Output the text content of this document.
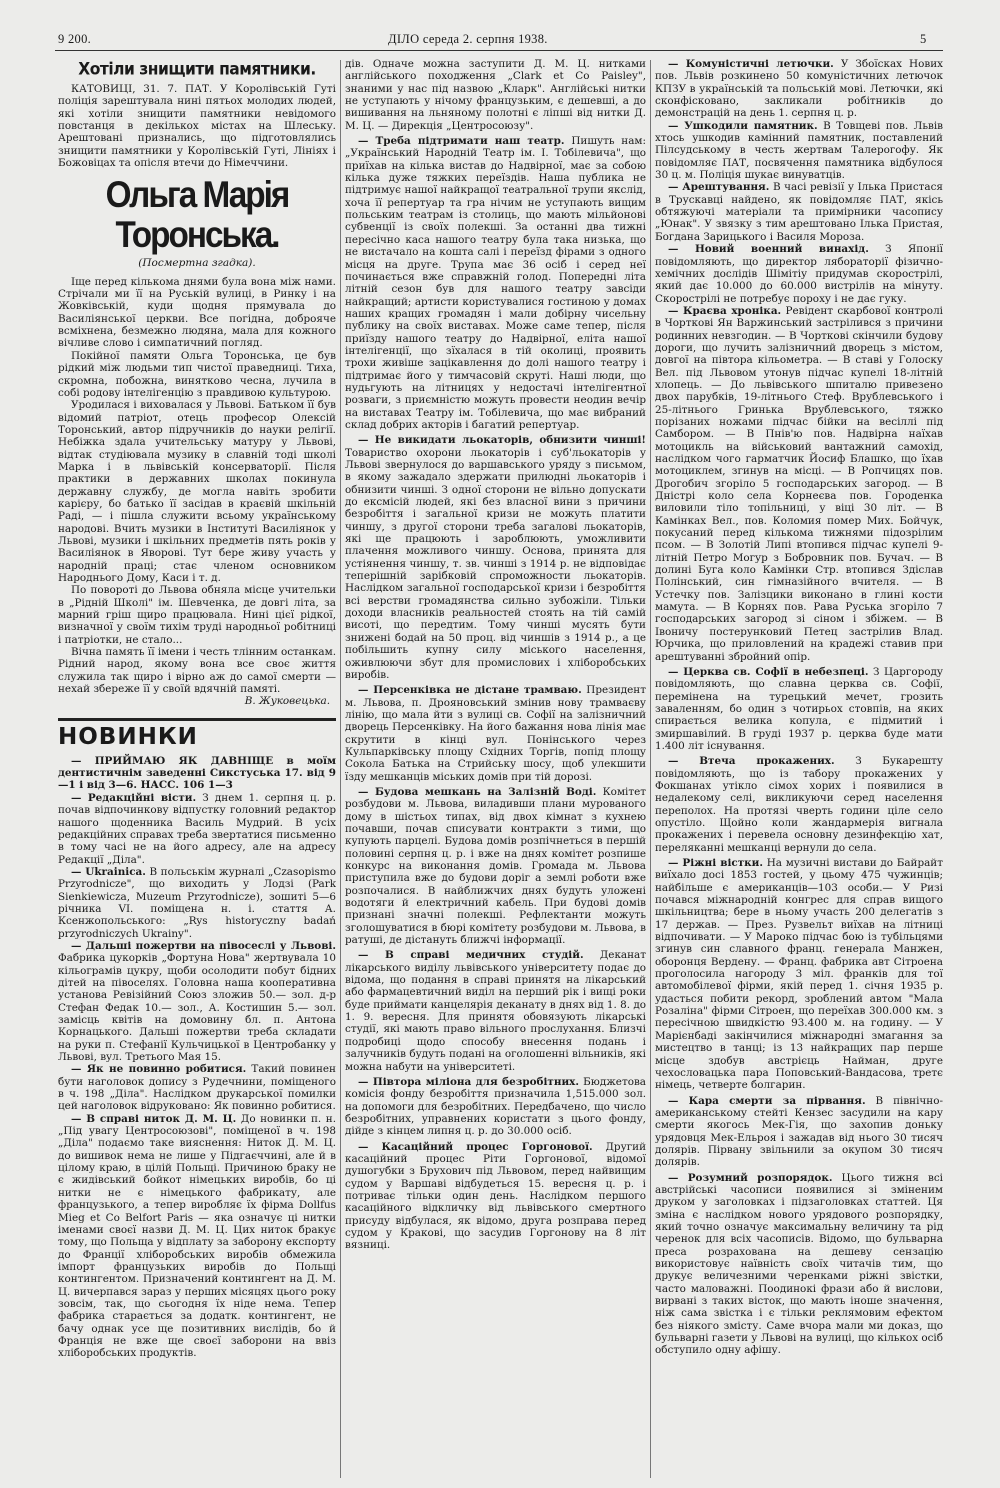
9 200.	ДІЛО середа 2. серпня 1938.	5
Хотіли знищити памятники.

КАТОВИЦІ, 31. 7. ПАТ. У Королівській Гуті поліція зарештувала нині пятьох молодих людей, які хотіли знищити памятники невідомого повстанця в декількох містах на Шлеську. Арештовані признались, що підготовлялись знищити памятники у Королівській Гуті, Лініях і Божовіцах та опісля втечи до Німеччини.

Ольга Марія Торонська.

(Посмертна згадка).

Іще перед кількома днями була вона між нами. Стрічали ми її на Руській вулиці, в Ринку і на Жовківській, куди щодня прямувала до Василіянської церкви. Все погідна, доброяче всміхнена, безмежно людяна, мала для кожного вічливе слово і симпатичний погляд.

Покійної памяти Ольга Торонська, це був рідкий між людьми тип чистої праведниці. Тиха, скромна, побожна, винятково чесна, лучила в собі родову інтелігенцію з правдивою культурою.

Уродилася і виховалася у Львові. Батьком її був відомий патріот, отець професор Олексій Торонський, автор підручників до науки релігії. Небіжка здала учительську матуру у Львові, відтак студіювала музику в славній тоді школі Марка і в львівській консерваторії. Після практики в державних школах покинула державну службу, де могла навіть зробити карієру, бо батько її засідав в краєвій шкільній Раді, — і пішла служити всьому українському народові. Вчить музики в Інституті Василіянок у Львові, музики і шкільних предметів пять років у Василіянок в Яворові. Тут бере живу участь у народній праці; стає членом основником Народнього Дому, Каси і т. д.

По повороті до Львова обняла місце учительки в „Рідній Школі" ім. Шевченка, де довгі літа, за марний гріш щиро працювала. Нині цієї рідкої, визначної у своїм тихім труді народньої робітниці і патріотки, не стало...

Вічна память її імени і честь тлінним останкам. Рідний народ, якому вона все своє життя служила так щиро і вірно аж до самої смерти — нехай збереже її у своїй вдячній памяті.

В. Жуковецька.

НОВИНКИ

— ПРИЙМАЮ ЯК ДАВНІЩЕ в моїм дентистичнім заведенні Сикстуська 17. від 9—1 і від 3—6. НАСС. 106 1—3

— Редакційні вісти. З днем 1. серпня ц. р. почав відпочинкову відпустку головний редактор нашого щоденника Василь Мудрий. В усіх редакційних справах треба звертатися письменно в тому часі не на його адресу, але на адресу Редакції „Діла".

— Ukrainica. В польськім журналі „Czasopismo Przyrodnicze", що виходить у Лодзі (Park Sienkiewicza, Muzeum Przyrodnicze), зошиті 5—6 річника VI. поміщена н. і. стаття А. Ксенжопольського: „Rys historyczny badań przyrodniczych Ukrainy".

— Дальші пожертви на півосеслі у Львові. Фабрика цукорків „Фортуна Нова" жертвувала 10 кільограмів цукру, щоби осолодити побут бідних дітей на півоселях. Головна наша кооперативна установа Ревізійний Союз зложив 50.— зол. д-р Стефан Федак 10.— зол., А. Костишин 5.— зол. замісць квітів на домовину бл. п. Антона Корнацького. Дальші пожертви треба складати на руки п. Стефанії Кульчицької в Центробанку у Львові, вул. Третього Мая 15.

— Як не повинно робитися. Такий повинен бути наголовок допису з Рудечнини, поміщеного в ч. 198 „Діла". Наслідком друкарської помилки цей наголовок відруковано: Як повинно робитися.

— В справі ниток Д. М. Ц. До новинки п. н. „Під увагу Центросоюзові", поміщеної в ч. 198 „Діла" подаємо таке вияснення: Ниток Д. М. Ц. до вишивок нема не лише у Підгаєччині, але й в цілому краю, в цілій Польщі. Причиною браку не є жидівський бойкот німецьких виробів, бо ці нитки не є німецького фабрикату, але французького, а тепер виробляє їх фірма Dollfus Mieg et Co Belfort Paris — яка означує ці нитки іменами своєї назви Д. М. Ц. Цих ниток бракує тому, що Польща у відплату за заборону експорту до Франції хліборобських виробів обмежила імпорт французьких виробів до Польщі контингентом. Призначений контингент на Д. М. Ц. вичерпався зараз у перших місяцях цього року зовсім, так, що сьогодня їх ніде нема. Тепер фабрика старається за додатк. контингент, не бачу однак усе ще позитивних вислідів, бо й Франція не вже ще своєї заборони на ввіз хліборобських продуктів.

дів. Одначе можна заступити Д. М. Ц. нитками англійського походження „Clark et Co Paisley", знаними у нас під назвою „Кларк". Англійські нитки не уступають у нічому французьким, є дешевші, а до вишивання на льняному полотні є ліпші від нитки Д. М. Ц. — Дирекція „Центросоюзу".

— Треба підтримати наш театр. Пишуть нам: „Український Народній Театр ім. І. Тобілевича", що приїхав на кілька вистав до Надвірної, має за собою кілька дуже тяжких переїздів. Наша публика не підтримує нашої найкращої театральної трупи якслід, хоча її репертуар та гра нічим не уступають вищим польським театрам із столиць, що мають мільйонові субвенції із своїх полекші. За останні два тижні пересічно каса нашого театру була така низька, що не вистачало на кошта салі і переїзд фірами з одного місця на друге. Трупа має 36 осіб і серед неї починається вже справжній голод. Попередні літа літній сезон був для нашого театру завсіди найкращий; артисти користувалися гостиною у домах наших кращих громадян і мали добірну чисельну публику на своїх виставах. Може саме тепер, після приїзду нашого театру до Надвірної, еліта нашої інтелігенції, що зїхалася в тій околиці, проявить трохи живіше зацікавлення до долі нашого театру і підтримає його у тимчасовій скруті. Наші люди, що нудьгують на літницях у недостачі інтелігентної розваги, з приємністю можуть провести неодин вечір на виставах Театру ім. Тобілевича, що має вибраний склад добрих акторів і багатий репертуар.

— Не викидати льокаторів, обнизити чинші! Товариство охорони льокаторів і суб'льокаторів у Львові звернулося до варшавського уряду з письмом, в якому зажадало здержати прилюдні льокаторів і обнизити чинші. З одної сторони не вільно допускати до ексмісій людей, які без власної вини з причини безробіття і загальної кризи не можуть платити чиншу, з другої сторони треба загалові льокаторів, які ще працюють і зароблюють, уможливити плачення можливого чиншу. Основа, принята для устіянення чиншу, т. зв. чинші з 1914 р. не відповідає теперішній зарібковій спроможности льокаторів. Наслідком загальної господарської кризи і безробіття всі верстви громадянства сильно зубожіли. Тільки доходи власників реальностей стоять на тій самій висоті, що передтим. Тому чинші мусять бути знижені бодай на 50 проц. від чиншів з 1914 р., а це побільшить купну силу міського населення, оживлюючи збут для промислових і хліборобських виробів.

— Персенківка не дістане трамваю. Президент м. Львова, п. Дрояновський змінив нову трамваєву лінію, що мала йти з вулиці св. Софії на залізничний дворець Персенківку. На його бажання нова лінія має скрутити в кінці вул. Понінського через Кульпарківську площу Східних Торгів, попід площу Сокола Батька на Стрийську шосу, щоб улекшити їзду мешканців міських домів при тій дорозі.

— Будова мешкань на Залізній Воді. Комітет розбудови м. Львова, виладивши плани мурованого дому в шістьох типах, від двох кімнат з кухнею почавши, почав списувати контракти з тими, що купують парцелі. Будова домів розпічнеться в першій половині серпня ц. р. і вже на днях комітет розпише конкурс на виконання домів. Громада м. Львова приступила вже до будови доріг а землі роботи вже розпочалися. В найближчих днях будуть уложені водотяги й електричний кабель. При будові домів признані значні полекші. Рефлектанти можуть зголошуватися в бюрі комітету розбудови м. Львова, в ратуші, де дістануть ближчі інформації.

— В справі медичних студій. Деканат лікарського виділу львівського університету подає до відома, що подання в справі принятя на лікарський або фармацевтичний виділ на перший рік і вищі роки буде приймати канцелярія деканату в днях від 1. 8. до 1. 9. вересня. Для принятя обовязують лікарські студії, які мають право вільного прослухання. Близчі подробиці щодо способу внесення подань і залучників будуть подані на оголошенні вільників, які можна набути на університеті.

— Півтора міліона для безробітних. Бюджетова комісія фонду безробіття призначила 1,515.000 зол. на допомоги для безробітних. Передбачено, що число безробітних, управнених користати з цього фонду, дійде з кінцем липня ц. р. до 30.000 осіб.

— Касаційний процес Горгонової. Другий касаційний процес Ріти Горгонової, відомої душогубки з Брухович під Львовом, перед найвищим судом у Варшаві відбудеться 15. вересня ц. р. і потриває тільки один день. Наслідком першого касаційного відкличку від львівського смертного присуду відбулася, як відомо, друга розправа перед судом у Кракові, що засудив Горгонову на 8 літ вязниці.

— Комуністичні летючки. У Збоїсках Нових пов. Львів розкинено 50 комуністичних летючок КПЗУ в українській та польській мові. Летючки, які сконфісковано, закликали робітників до демонстрацій на день 1. серпня ц. р.

— Ушкодили памятник. В Товщеві пов. Львів хтось ушкодив камінний памятник, поставлений Пілсудському в честь жертвам Талерогофу. Як повідомляє ПАТ, посвячення памятника відбулося 30 ц. м. Поліція шукає винуватців.

— Арештування. В часі ревізії у Ілька Пристася в Трускавці найдено, як повідомляє ПАТ, якісь обтяжуючі матеріали та примірники часопису „Юнак". У звязку з тим арештовано Ілька Пристая, Богдана Зарицького і Василя Мороза.

— Новий военний винахід. З Японії повідомляють, що директор лябораторії фізично-хемічних дослідів Шімітіу придумав скорострілі, який дає 10.000 до 60.000 вистрілів на мінуту. Скорострілі не потребує пороху і не дає гуку.

— Краєва хроніка. Ревідент скарбової контролі в Чорткові Ян Варжинський застрілився з причини родинних невзгодин. — В Чорткові скінчили будову дороги, що лучить залізничний дворець з містом, довгої на півтора кільометра. — В ставі у Голоску Вел. під Львовом утонув підчас купелі 18-літній хлопець. — До львівського шпиталю привезено двох парубків, 19-літнього Стеф. Врублевського і 25-літнього Гринька Врублевського, тяжко порізаних ножами підчас бійки на весіллі під Самбором. — В Пнів'ю пов. Надвірна наїхав мотоцикль на військовий вантажний самохід, наслідком чого гарматчик Йосиф Блашко, що їхав мотоциклем, згинув на місці. — В Ропчицях пов. Дрогобич згоріло 5 господарських загород. — В Дністрі коло села Корнеєва пов. Городенка виловили тіло топільниці, у віці 30 літ. — В Камінках Вел., пов. Коломия помер Мих. Бойчук, покусаний перед кількома тижнями підозрілим псом. — В Золотій Липі втопився підчас купелі 9-літній Петро Могур з Бобровник пов. Бучач. — В долині Буга коло Камінки Стр. втопився Здіслав Полінський, син гімназійного вчителя. — В Устечку пов. Залізцики виконано в глині кости мамута. — В Корнях пов. Рава Руська згоріло 7 господарських загород зі сіном і збіжем. — В Івоничу постерунковий Петец застрілив Влад. Юрчика, що приловлений на крадежі ставив при арештуванні збройний опір.

— Церква св. Софії в небезпеці. З Царгороду повідомляють, що славна церква св. Софії, перемінена на турецький мечет, грозить заваленням, бо один з чотирьох стовпів, на яких спирається велика копула, є підмитий і змиршавілий. В груді 1937 р. церква буде мати 1.400 літ існування.

— Втеча прокажених. З Букарешту повідомляють, що із табору прокажених у Фокшанах утікло сімох хорих і появилися в недалекому селі, викликуючи серед населення переполох. На протязі чверть години ціле село опустіло. Щойно коли жандармерія вигнала прокажених і перевела основну дезинфекцію хат, переляканні мешканці вернули до села.

— Ріжні вістки. На музичні вистави до Байрайт виїхало досі 1853 гостей, у цьому 475 чужинців; найбільше є американців—103 особи.— У Ризі почався міжнародній конгрес для справ вищого шкільництва; бере в ньому участь 200 делегатів з 17 держав. — През. Рузвельт виїхав на літниці відпочивати. — У Мароко підчас бою із тубільцями згинув син славного франц. генерала Манжен, оборонця Вердену. — Франц. фабрика авт Сітроена проголосила нагороду 3 міл. франків для тої автомобілевої фірми, якій перед 1. січня 1935 р. удасться побити рекорд, зроблений автом "Мала Розаліна" фірми Сітроен, що переїхав 300.000 км. з пересічною швидкістю 93.400 м. на годину. — У Марієнбаді закінчилися міжнародні змагання за мистецтво в танці; із 13 найкращих пар перше місце здобув австрієць Найман, друге чехословацька пара Поповський-Вандасова, третє німець, четверте болгарин.

— Кара смерти за пірвання. В північно-американському стейті Кензес засудили на кару смерти якогось Мек-Гія, що захопив доньку урядовця Мек-Ельроя і зажадав від нього 30 тисяч долярів. Пірвану звільнили за окупом 30 тисяч долярів.

— Розумний розпорядок. Цього тижня всі австрійські часописи появилися зі зміненим друком у заголовках і підзаголовках статтей. Ця зміна є наслідком нового урядового розпорядку, який точно означує максимальну величину та рід черенок для всіх часописів. Відомо, що бульварна преса розрахована на дешеву сензацію використовує наївність своїх читачів тим, що друкує величезними черенками ріжні звістки, часто маловажні. Поодинокі фрази або й вислови, вирвані з таких вісток, що мають іноше значення, ніж сама звістка і є тільки реклямовим ефектом без ніякого змісту. Саме вчора мали ми доказ, що бульварні газети у Львові на вулиці, що кількох осіб обступило одну афішу.
